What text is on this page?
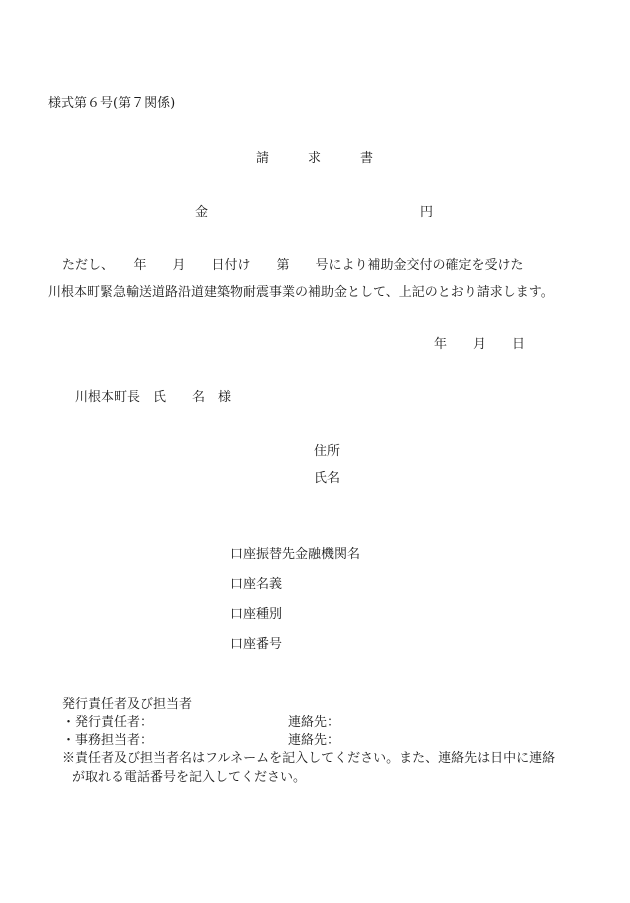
様式第６号(第７関係)
請　　　求　　　書
金	円
ただし、　　年　　月　　日付け　　第　　号により補助金交付の確定を受けた
川根本町緊急輸送道路沿道建築物耐震事業の補助金として、上記のとおり請求します。
年　　月　　日
川根本町長　氏　　名　様
住所
氏名
口座振替先金融機関名
口座名義
口座種別
口座番号
発行責任者及び担当者
・発行責任者：	連絡先：
・事務担当者：	連絡先：
※責任者及び担当者名はフルネームを記入してください。また、連絡先は日中に連絡
が取れる電話番号を記入してください。
